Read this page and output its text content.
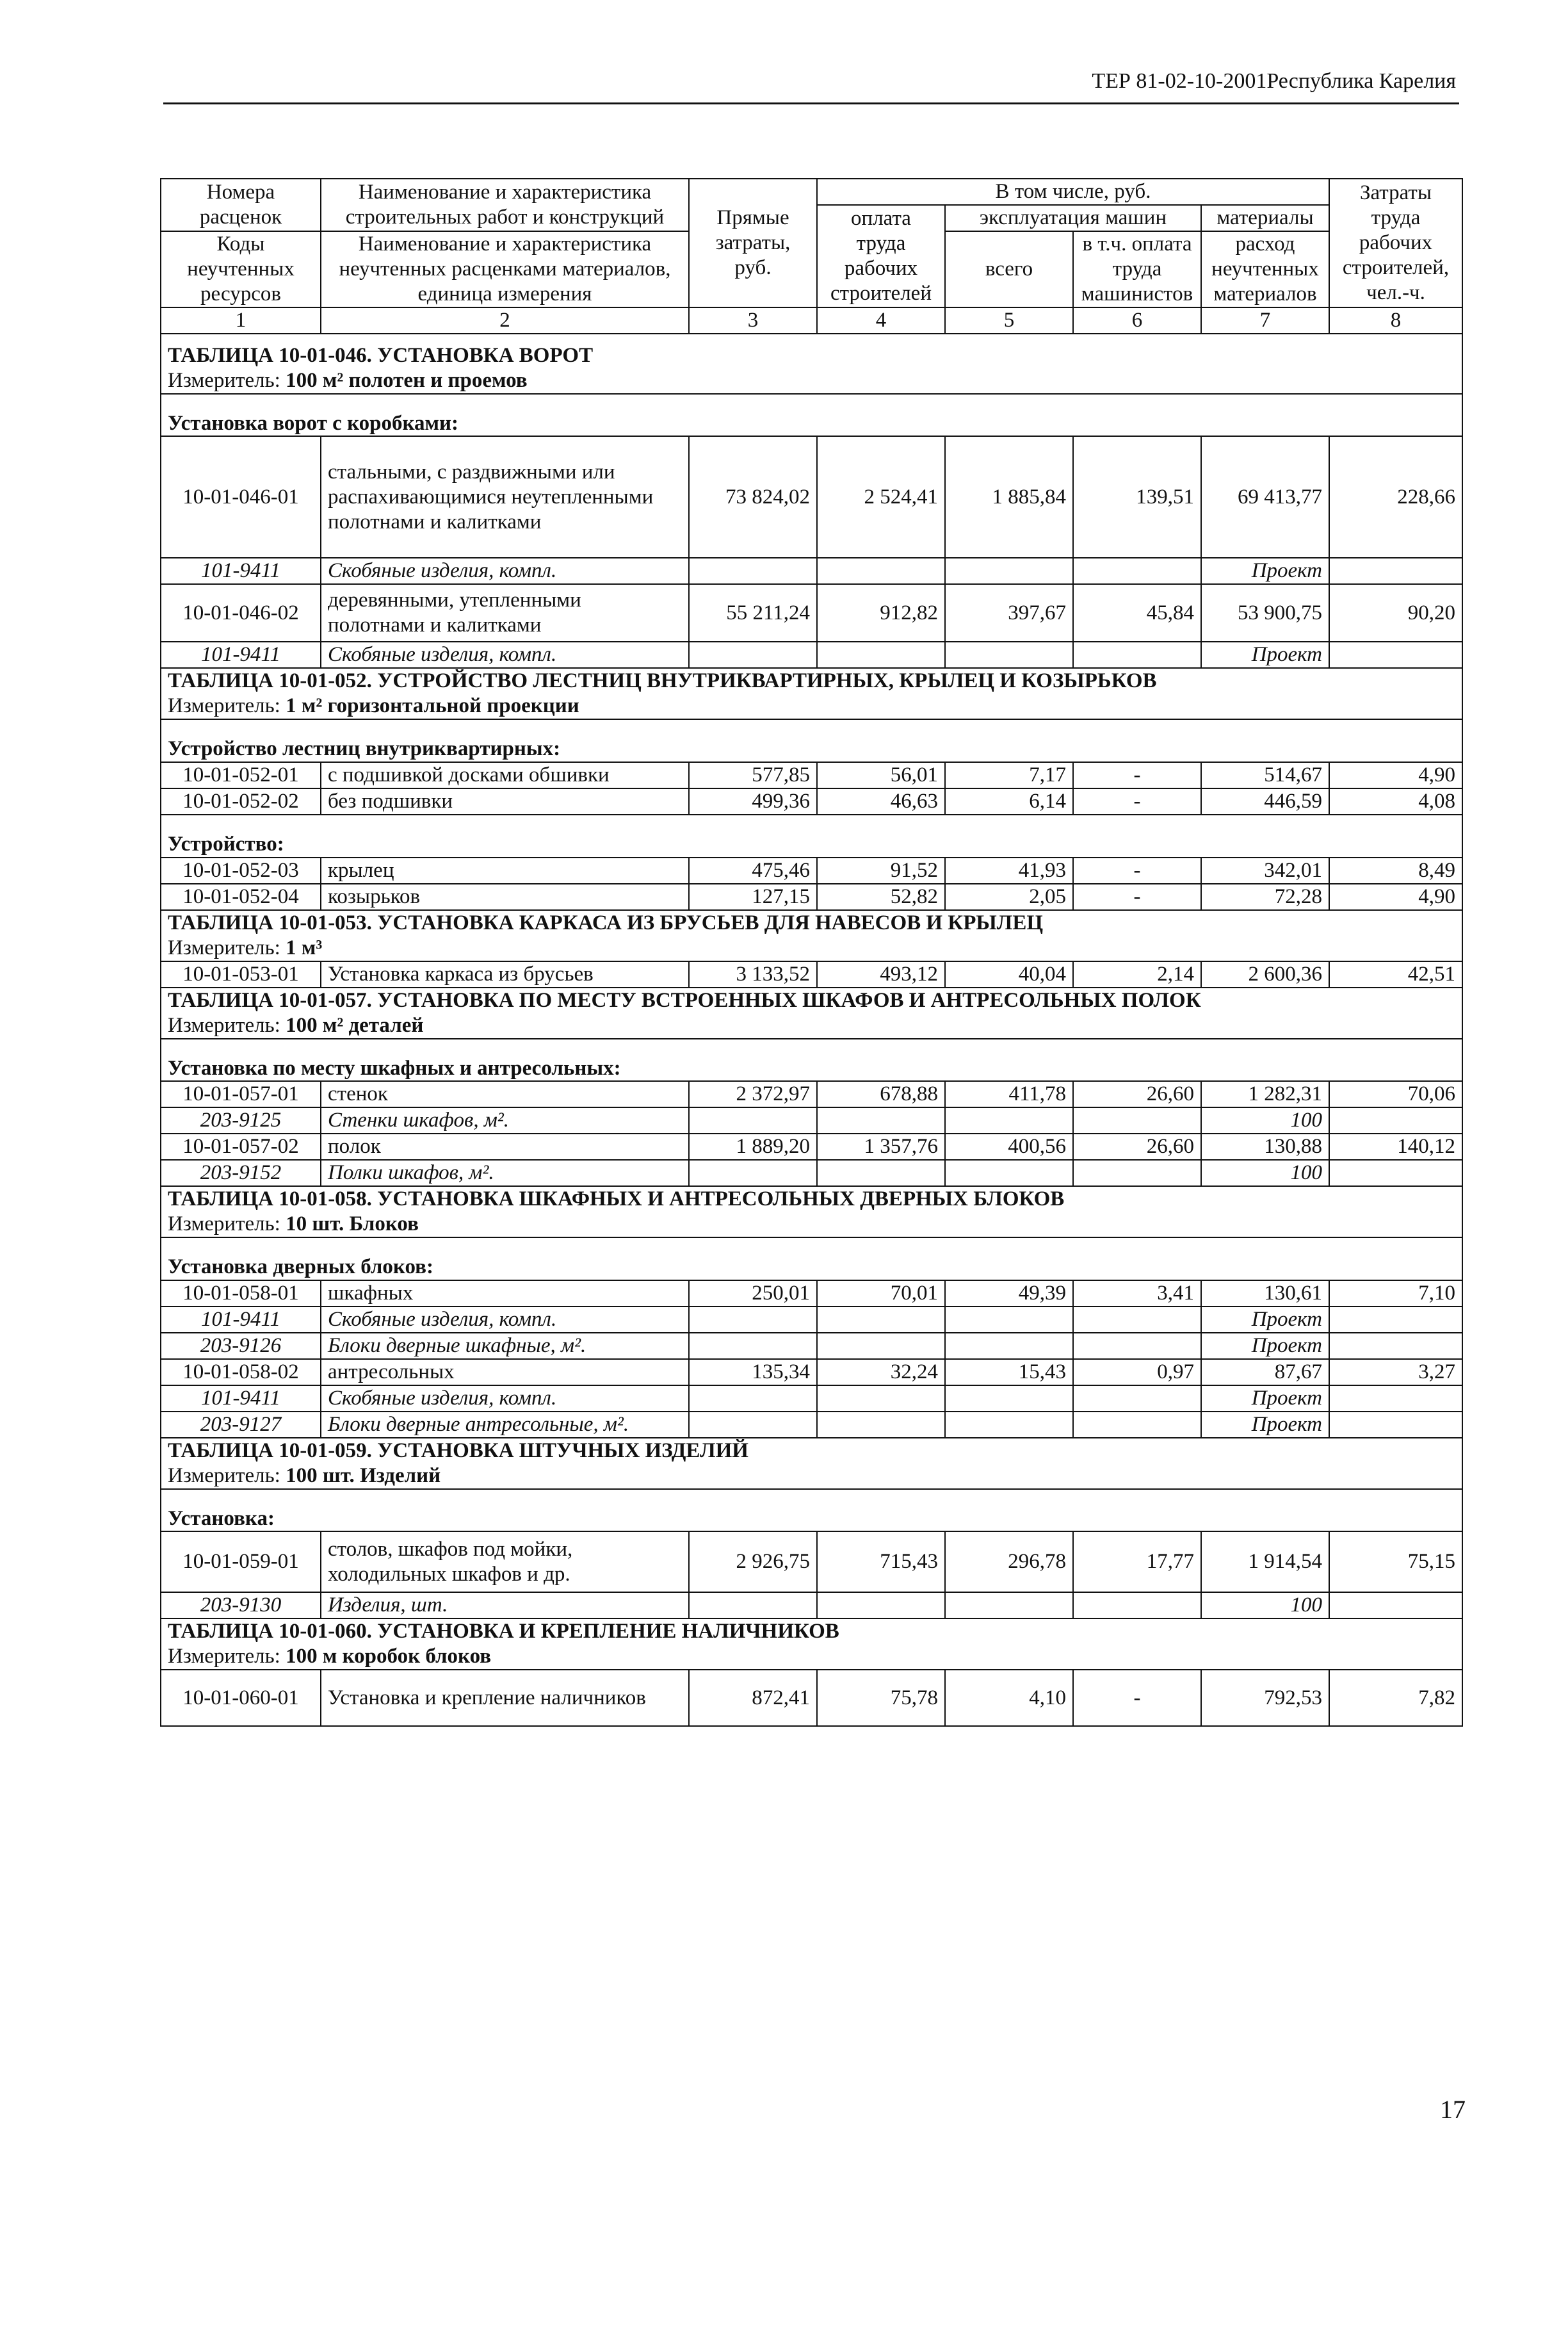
ТЕР 81-02-10-2001Республика Карелия
Номера расценок	Наименование и характеристика строительных работ и конструкций	Прямые затраты, руб.	В том числе, руб.				Затраты труда рабочих строителей, чел.-ч.
			оплата труда рабочих строителей	эксплуатация машин		материалы	
Коды неучтенных ресурсов	Наименование и характеристика неучтенных расценками материалов, единица измерения			всего	в т.ч. оплата труда машинистов	расход неучтенных материалов	

1	2	3	4	5	6	7	8
ТАБЛИЦА 10-01-046. УСТАНОВКА ВОРОТ							
Измеритель: 100 м² полотен и проемов							

Установка ворот с коробками:							
10-01-046-01	стальными, с раздвижными или распахивающимися неутепленными полотнами и калитками	73 824,02	2 524,41	1 885,84	139,51	69 413,77	228,66
101-9411	Скобяные изделия, компл.					Проект	
10-01-046-02	деревянными, утепленными полотнами и калитками	55 211,24	912,82	397,67	45,84	53 900,75	90,20
101-9411	Скобяные изделия, компл.					Проект	
ТАБЛИЦА 10-01-052. УСТРОЙСТВО ЛЕСТНИЦ ВНУТРИКВАРТИРНЫХ, КРЫЛЕЦ И КОЗЫРЬКОВ							
Измеритель: 1 м² горизонтальной проекции							

Устройство лестниц внутриквартирных:							
10-01-052-01	с подшивкой досками обшивки	577,85	56,01	7,17	-	514,67	4,90
10-01-052-02	без подшивки	499,36	46,63	6,14	-	446,59	4,08

Устройство:							
10-01-052-03	крылец	475,46	91,52	41,93	-	342,01	8,49
10-01-052-04	козырьков	127,15	52,82	2,05	-	72,28	4,90
ТАБЛИЦА 10-01-053. УСТАНОВКА КАРКАСА ИЗ БРУСЬЕВ ДЛЯ НАВЕСОВ И КРЫЛЕЦ							
Измеритель: 1 м³							
10-01-053-01	Установка каркаса из брусьев	3 133,52	493,12	40,04	2,14	2 600,36	42,51
ТАБЛИЦА 10-01-057. УСТАНОВКА ПО МЕСТУ ВСТРОЕННЫХ ШКАФОВ И АНТРЕСОЛЬНЫХ ПОЛОК							
Измеритель: 100 м² деталей							

Установка по месту шкафных и антресольных:							
10-01-057-01	стенок	2 372,97	678,88	411,78	26,60	1 282,31	70,06
203-9125	Стенки шкафов, м².					100	
10-01-057-02	полок	1 889,20	1 357,76	400,56	26,60	130,88	140,12
203-9152	Полки шкафов, м².					100	
ТАБЛИЦА 10-01-058. УСТАНОВКА ШКАФНЫХ И АНТРЕСОЛЬНЫХ ДВЕРНЫХ БЛОКОВ							
Измеритель: 10 шт. Блоков							

Установка дверных блоков:							
10-01-058-01	шкафных	250,01	70,01	49,39	3,41	130,61	7,10
101-9411	Скобяные изделия, компл.					Проект	
203-9126	Блоки дверные шкафные, м².					Проект	
10-01-058-02	антресольных	135,34	32,24	15,43	0,97	87,67	3,27
101-9411	Скобяные изделия, компл.					Проект	
203-9127	Блоки дверные антресольные, м².					Проект	
ТАБЛИЦА 10-01-059. УСТАНОВКА ШТУЧНЫХ ИЗДЕЛИЙ							
Измеритель: 100 шт. Изделий							

Установка:							
10-01-059-01	столов, шкафов под мойки, холодильных шкафов и др.	2 926,75	715,43	296,78	17,77	1 914,54	75,15
203-9130	Изделия, шт.					100	
ТАБЛИЦА 10-01-060. УСТАНОВКА И КРЕПЛЕНИЕ НАЛИЧНИКОВ							
Измеритель: 100 м коробок блоков							
10-01-060-01	Установка и крепление наличников	872,41	75,78	4,10	-	792,53	7,82
17
